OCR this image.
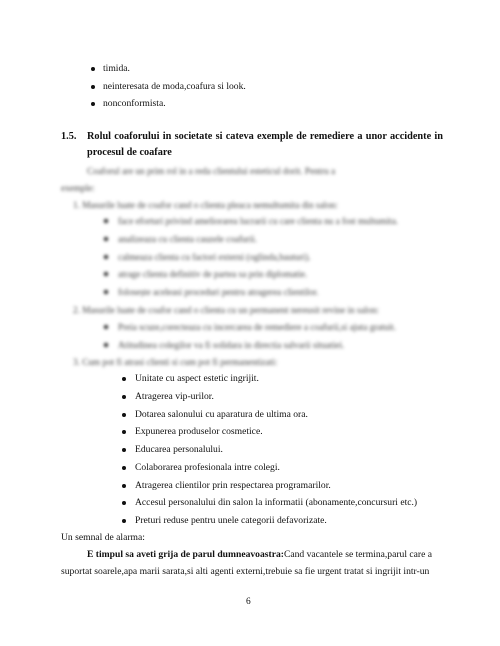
timida.
neinteresata de moda,coafura si look.
nonconformista.
1.5. Rolul coaforului in societate si cateva exemple de remediere a unor accidente in
procesul de coafare
Coaforul are un prim rol in a reda clientului esteticul dorit. Pentru a
exemple:
1. Masurile luate de coafor cand o clienta pleaca nemultumita din salon:
face eforturi privind ameliorarea lucrarii cu care clienta nu a fost multumita.
analizeaza cu clienta cauzele coafurii.
calmeaza clienta cu factori externi (oglinda,bauturi).
atrage clienta definitiv de partea sa prin diplomatie.
folosește aceleasi proceduri pentru atragerea clientilor.
2. Masurile luate de coafor cand o clienta cu un permanent nereusit revine in salon:
Preia scuze,corecteaza cu incercarea de remediere a coafurii,si ajuta gratuit.
Atitudinea colegilor va fi solidara in directia salvarii situatiei.
3. Cum pot fi atrasi clienti si cum pot fi permanentizati:
Unitate cu aspect estetic ingrijit.
Atragerea vip-urilor.
Dotarea salonului cu aparatura de ultima ora.
Expunerea produselor cosmetice.
Educarea personalului.
Colaborarea profesionala intre colegi.
Atragerea clientilor prin respectarea programarilor.
Accesul personalului din salon la informatii (abonamente,concursuri etc.)
Preturi reduse pentru unele categorii defavorizate.
Un semnal de alarma:
E timpul sa aveti grija de parul dumneavoastra:Cand vacantele se termina,parul care a
suportat soarele,apa marii sarata,si alti agenti externi,trebuie sa fie urgent tratat si ingrijit intr-un
6
